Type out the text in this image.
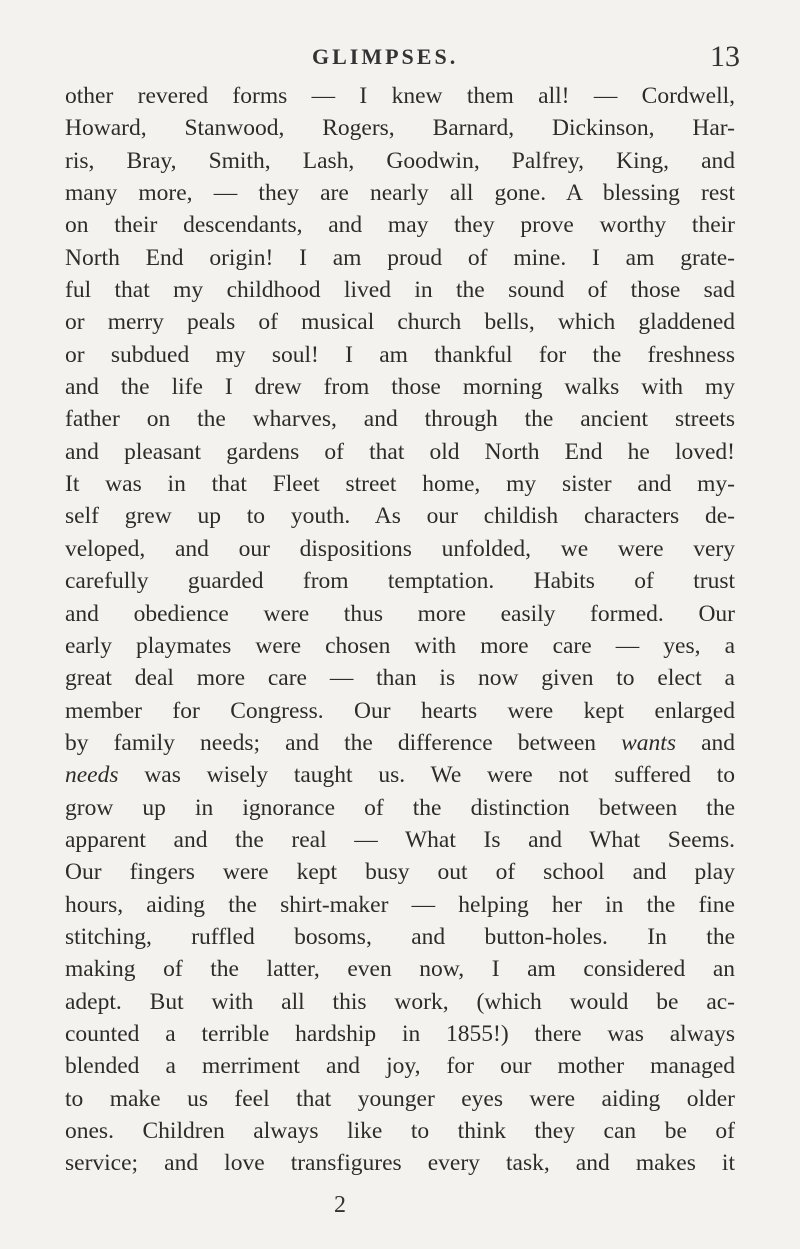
GLIMPSES.	13
other revered forms — I knew them all! — Cordwell,
Howard, Stanwood, Rogers, Barnard, Dickinson, Har-
ris, Bray, Smith, Lash, Goodwin, Palfrey, King, and
many more, — they are nearly all gone. A blessing rest
on their descendants, and may they prove worthy their
North End origin! I am proud of mine. I am grate-
ful that my childhood lived in the sound of those sad
or merry peals of musical church bells, which gladdened
or subdued my soul! I am thankful for the freshness
and the life I drew from those morning walks with my
father on the wharves, and through the ancient streets
and pleasant gardens of that old North End he loved!
It was in that Fleet street home, my sister and my-
self grew up to youth. As our childish characters de-
veloped, and our dispositions unfolded, we were very
carefully guarded from temptation. Habits of trust
and obedience were thus more easily formed. Our
early playmates were chosen with more care — yes, a
great deal more care — than is now given to elect a
member for Congress. Our hearts were kept enlarged
by family needs; and the difference between wants and
needs was wisely taught us. We were not suffered to
grow up in ignorance of the distinction between the
apparent and the real — What Is and What Seems.
Our fingers were kept busy out of school and play
hours, aiding the shirt-maker — helping her in the fine
stitching, ruffled bosoms, and button-holes. In the
making of the latter, even now, I am considered an
adept. But with all this work, (which would be ac-
counted a terrible hardship in 1855!) there was always
blended a merriment and joy, for our mother managed
to make us feel that younger eyes were aiding older
ones. Children always like to think they can be of
service; and love transfigures every task, and makes it
2
